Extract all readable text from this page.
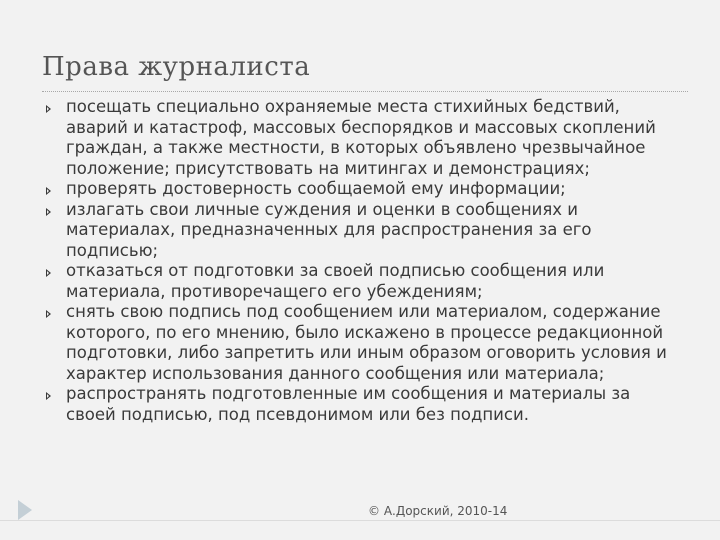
Права журналиста
посещать специально охраняемые места стихийных бедствий, аварий и катастроф, массовых беспорядков и массовых скоплений граждан, а также местности, в которых объявлено чрезвычайное положение; присутствовать на митингах и демонстрациях;
проверять достоверность сообщаемой ему информации;
излагать свои личные суждения и оценки в сообщениях и материалах, предназначенных для распространения за его подписью;
отказаться от подготовки за своей подписью сообщения или материала, противоречащего его убеждениям;
снять свою подпись под сообщением или материалом, содержание которого, по его мнению, было искажено в процессе редакционной подготовки, либо запретить или иным образом оговорить условия и характер использования данного сообщения или материала;
распространять подготовленные им сообщения и материалы за своей подписью, под псевдонимом или без подписи.
© А.Дорский, 2010-14
